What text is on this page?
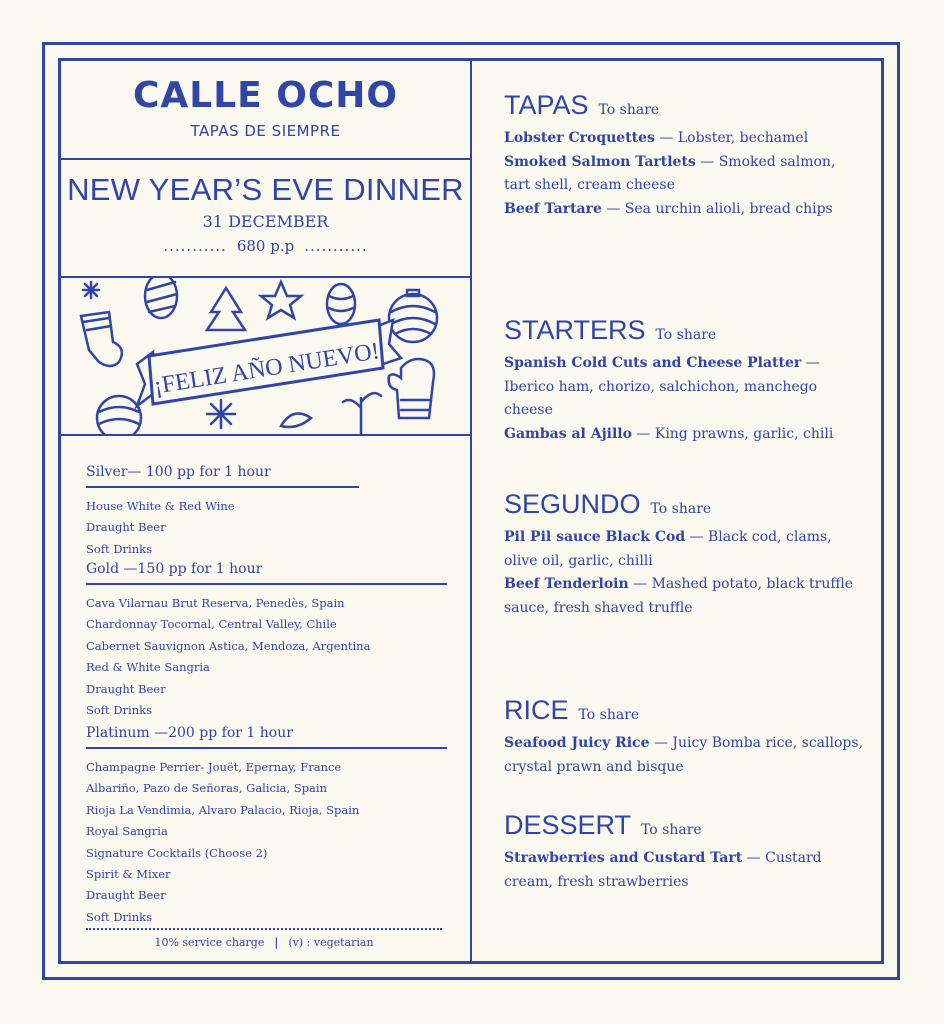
CALLE OCHO
TAPAS DE SIEMPRE
NEW YEAR’S EVE DINNER
31 DECEMBER
........... 680 p.p ...........
¡FELIZ AÑO NUEVO!
Silver— 100 pp for 1 hour
House White & Red Wine
Draught Beer
Soft Drinks
Gold —150 pp for 1 hour
Cava Vilarnau Brut Reserva, Penedès, Spain
Chardonnay Tocornal, Central Valley, Chile
Cabernet Sauvignon Astica, Mendoza, Argentina
Red & White Sangria
Draught Beer
Soft Drinks
Platinum —200 pp for 1 hour
Champagne Perrier- Jouët, Epernay, France
Albariño, Pazo de Señoras, Galicia, Spain
Rioja La Vendimia, Alvaro Palacio, Rioja, Spain
Royal Sangria
Signature Cocktails (Choose 2)
Spirit & Mixer
Draught Beer
Soft Drinks
10% service charge | (v) : vegetarian
TAPAS To share
Lobster Croquettes — Lobster, bechamel
Smoked Salmon Tartlets — Smoked salmon, tart shell, cream cheese
Beef Tartare — Sea urchin alioli, bread chips
STARTERS To share
Spanish Cold Cuts and Cheese Platter — Iberico ham, chorizo, salchichon, manchego cheese
Gambas al Ajillo — King prawns, garlic, chili
SEGUNDO To share
Pil Pil sauce Black Cod — Black cod, clams, olive oil, garlic, chilli
Beef Tenderloin — Mashed potato, black truffle sauce, fresh shaved truffle
RICE To share
Seafood Juicy Rice — Juicy Bomba rice, scallops, crystal prawn and bisque
DESSERT To share
Strawberries and Custard Tart — Custard cream, fresh strawberries
